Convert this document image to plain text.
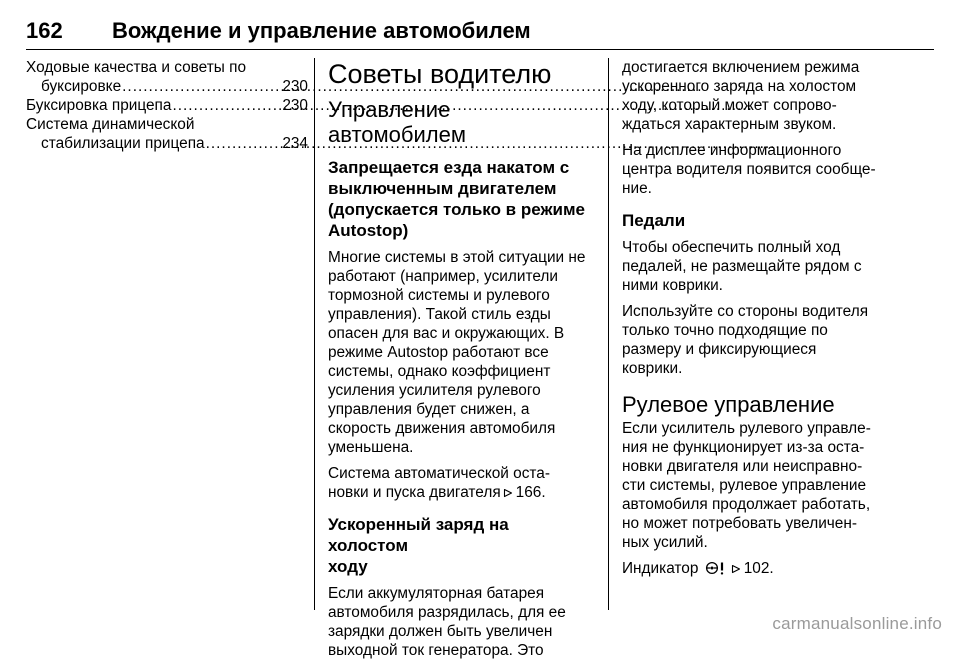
162 Вождение и управление автомобилем
Ходовые качества и советы по
буксировке .....	230
Буксировка прицепа .....	230
Система динамической
стабилизации прицепа .....	234
Советы водителю
Управление автомобилем
Запрещается езда накатом с
выключенным двигателем
(допускается только в режиме
Autostop)
Многие системы в этой ситуации не
работают (например, усилители
тормозной системы и рулевого
управления). Такой стиль езды
опасен для вас и окружающих. В
режиме Autostop работают все
системы, однако коэффициент
усиления усилителя рулевого
управления будет снижен, а
скорость движения автомобиля
уменьшена.
Система автоматической оста-
новки и пуска двигателя 166.
Ускоренный заряд на холостом
ходу
Если аккумуляторная батарея
автомобиля разрядилась, для ее
зарядки должен быть увеличен
выходной ток генератора. Это
достигается включением режима
ускоренного заряда на холостом
ходу, который может сопрово-
ждаться характерным звуком.
На дисплее информационного
центра водителя появится сообще-
ние.
Педали
Чтобы обеспечить полный ход
педалей, не размещайте рядом с
ними коврики.
Используйте со стороны водителя
только точно подходящие по
размеру и фиксирующиеся
коврики.
Рулевое управление
Если усилитель рулевого управле-
ния не функционирует из-за оста-
новки двигателя или неисправно-
сти системы, рулевое управление
автомобиля продолжает работать,
но может потребовать увеличен-
ных усилий.
Индикатор	102.
carmanualsonline.info
